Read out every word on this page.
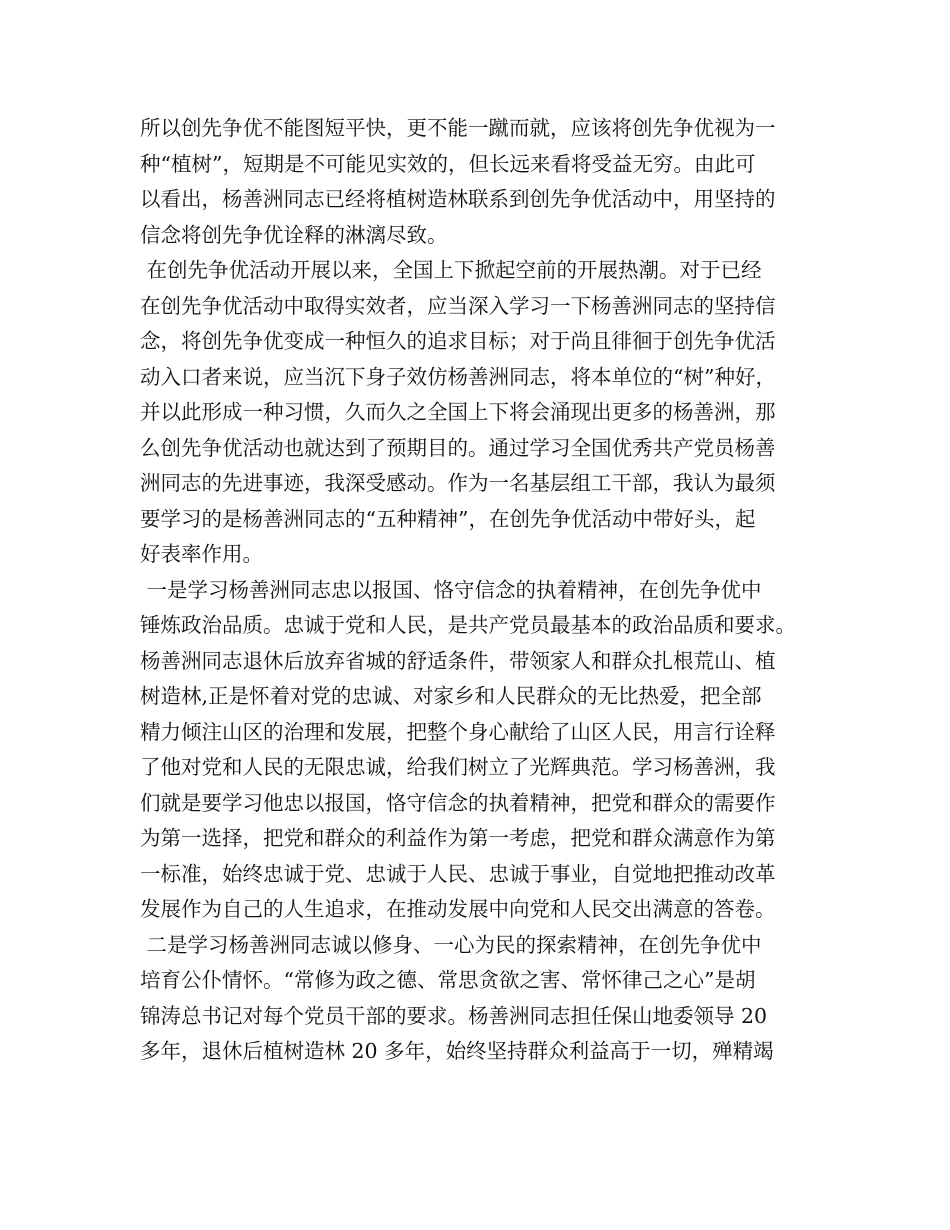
所以创先争优不能图短平快，更不能一蹴而就，应该将创先争优视为一
种“植树”，短期是不可能见实效的，但长远来看将受益无穷。由此可
以看出，杨善洲同志已经将植树造林联系到创先争优活动中，用坚持的
信念将创先争优诠释的淋漓尽致。
在创先争优活动开展以来，全国上下掀起空前的开展热潮。对于已经
在创先争优活动中取得实效者，应当深入学习一下杨善洲同志的坚持信
念，将创先争优变成一种恒久的追求目标；对于尚且徘徊于创先争优活
动入口者来说，应当沉下身子效仿杨善洲同志，将本单位的“树”种好，
并以此形成一种习惯，久而久之全国上下将会涌现出更多的杨善洲，那
么创先争优活动也就达到了预期目的。通过学习全国优秀共产党员杨善
洲同志的先进事迹，我深受感动。作为一名基层组工干部，我认为最须
要学习的是杨善洲同志的“五种精神”，在创先争优活动中带好头，起
好表率作用。
一是学习杨善洲同志忠以报国、恪守信念的执着精神，在创先争优中
锤炼政治品质。忠诚于党和人民，是共产党员最基本的政治品质和要求。
杨善洲同志退休后放弃省城的舒适条件，带领家人和群众扎根荒山、植
树造林,正是怀着对党的忠诚、对家乡和人民群众的无比热爱，把全部
精力倾注山区的治理和发展，把整个身心献给了山区人民，用言行诠释
了他对党和人民的无限忠诚，给我们树立了光辉典范。学习杨善洲，我
们就是要学习他忠以报国，恪守信念的执着精神，把党和群众的需要作
为第一选择，把党和群众的利益作为第一考虑，把党和群众满意作为第
一标准，始终忠诚于党、忠诚于人民、忠诚于事业，自觉地把推动改革
发展作为自己的人生追求，在推动发展中向党和人民交出满意的答卷。
二是学习杨善洲同志诚以修身、一心为民的探索精神，在创先争优中
培育公仆情怀。“常修为政之德、常思贪欲之害、常怀律己之心”是胡
锦涛总书记对每个党员干部的要求。杨善洲同志担任保山地委领导 20
多年，退休后植树造林 20 多年，始终坚持群众利益高于一切，殚精竭
